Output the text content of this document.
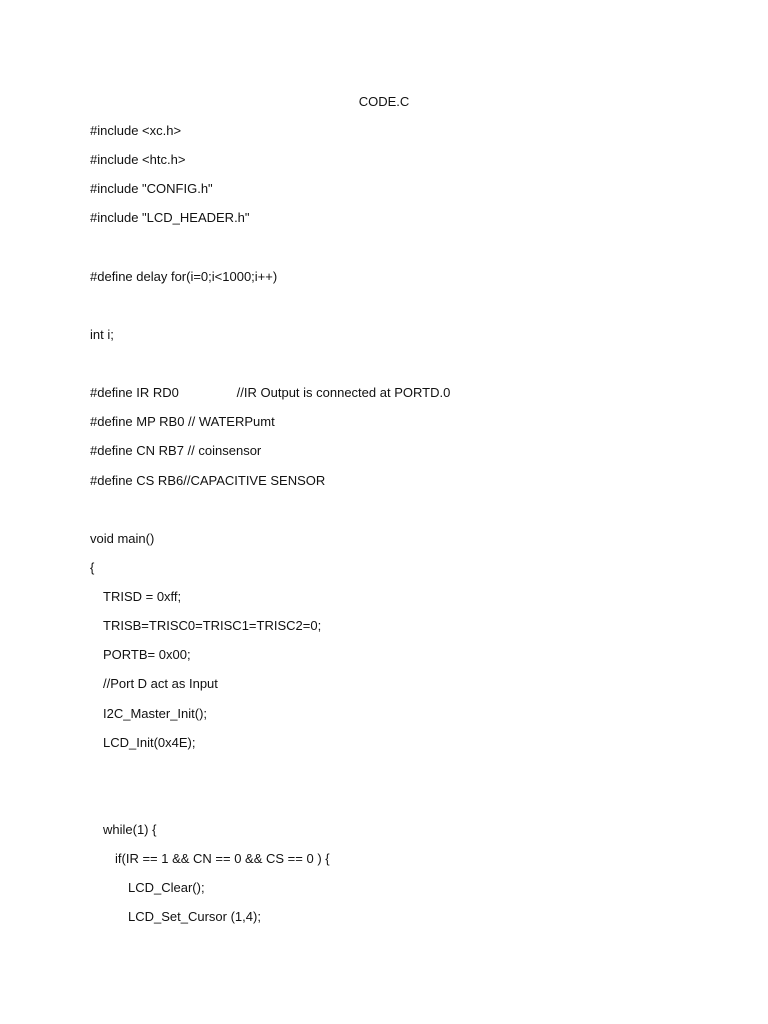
CODE.C
#include <xc.h>
#include <htc.h>
#include "CONFIG.h"
#include "LCD_HEADER.h"
#define delay for(i=0;i<1000;i++)
int i;
#define IR RD0                //IR Output is connected at PORTD.0
#define MP RB0 // WATERPumt
#define CN RB7 // coinsensor
#define CS RB6//CAPACITIVE SENSOR
void main()
{
TRISD = 0xff;
TRISB=TRISC0=TRISC1=TRISC2=0;
PORTB= 0x00;
//Port D act as Input
I2C_Master_Init();
LCD_Init(0x4E);
while(1) {
if(IR == 1 && CN == 0 && CS == 0 ) {
LCD_Clear();
LCD_Set_Cursor (1,4);
